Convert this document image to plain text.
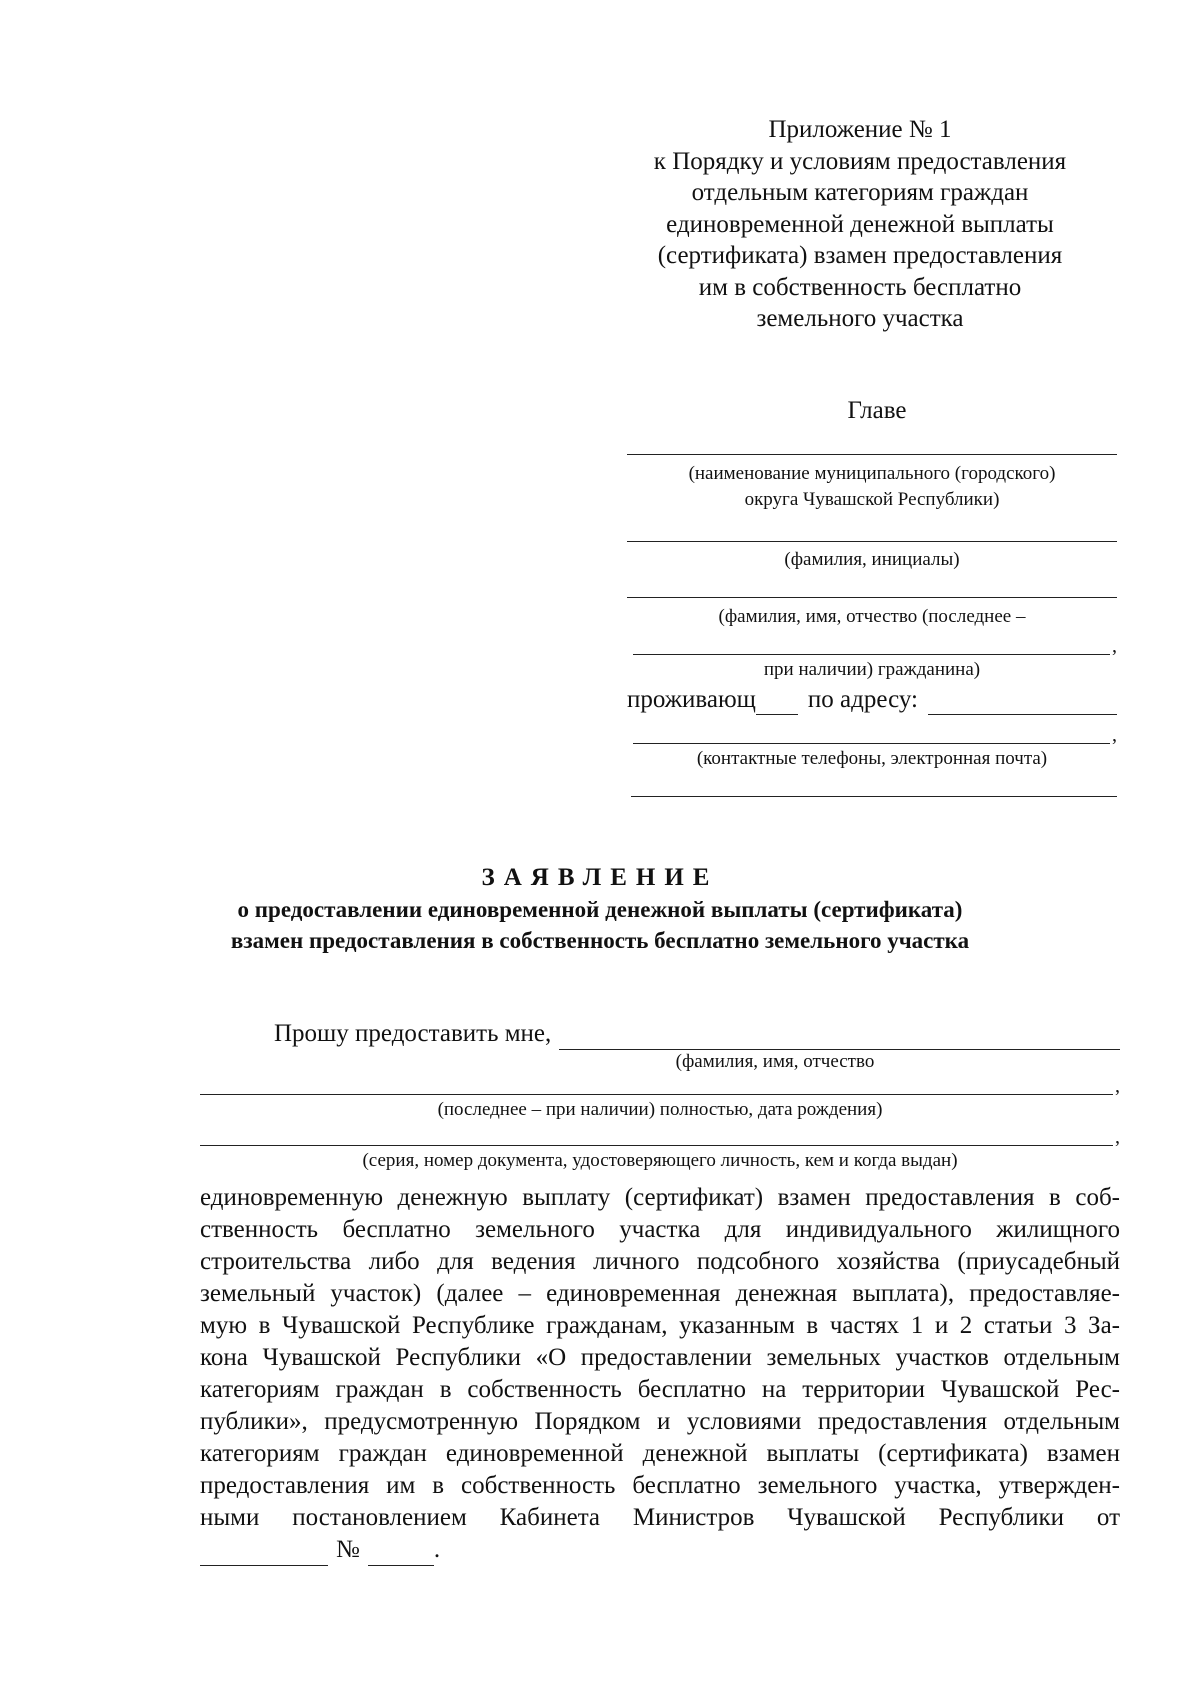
Приложение № 1
к Порядку и условиям предоставления
отдельным категориям граждан
единовременной денежной выплаты
(сертификата) взамен предоставления
им в собственность бесплатно
земельного участка
Главе
(наименование муниципального (городского)
округа Чувашской Республики)
(фамилия, инициалы)
(фамилия, имя, отчество (последнее –
,
при наличии) гражданина)
проживающ по адресу:
,
(контактные телефоны, электронная почта)
ЗАЯВЛЕНИЕ
о предоставлении единовременной денежной выплаты (сертификата)
взамен предоставления в собственность бесплатно земельного участка
Прошу предоставить мне,
(фамилия, имя, отчество
,
(последнее – при наличии) полностью, дата рождения)
,
(серия, номер документа, удостоверяющего личность, кем и когда выдан)
единовременную денежную выплату (сертификат) взамен предоставления в соб-
ственность бесплатно земельного участка для индивидуального жилищного
строительства либо для ведения личного подсобного хозяйства (приусадебный
земельный участок) (далее – единовременная денежная выплата), предоставляе-
мую в Чувашской Республике гражданам, указанным в частях 1 и 2 статьи 3 За-
кона Чувашской Республики «О предоставлении земельных участков отдельным
категориям граждан в собственность бесплатно на территории Чувашской Рес-
публики», предусмотренную Порядком и условиями предоставления отдельным
категориям граждан единовременной денежной выплаты (сертификата) взамен
предоставления им в собственность бесплатно земельного участка, утвержден-
ными постановлением Кабинета Министров Чувашской Республики от
№	.
